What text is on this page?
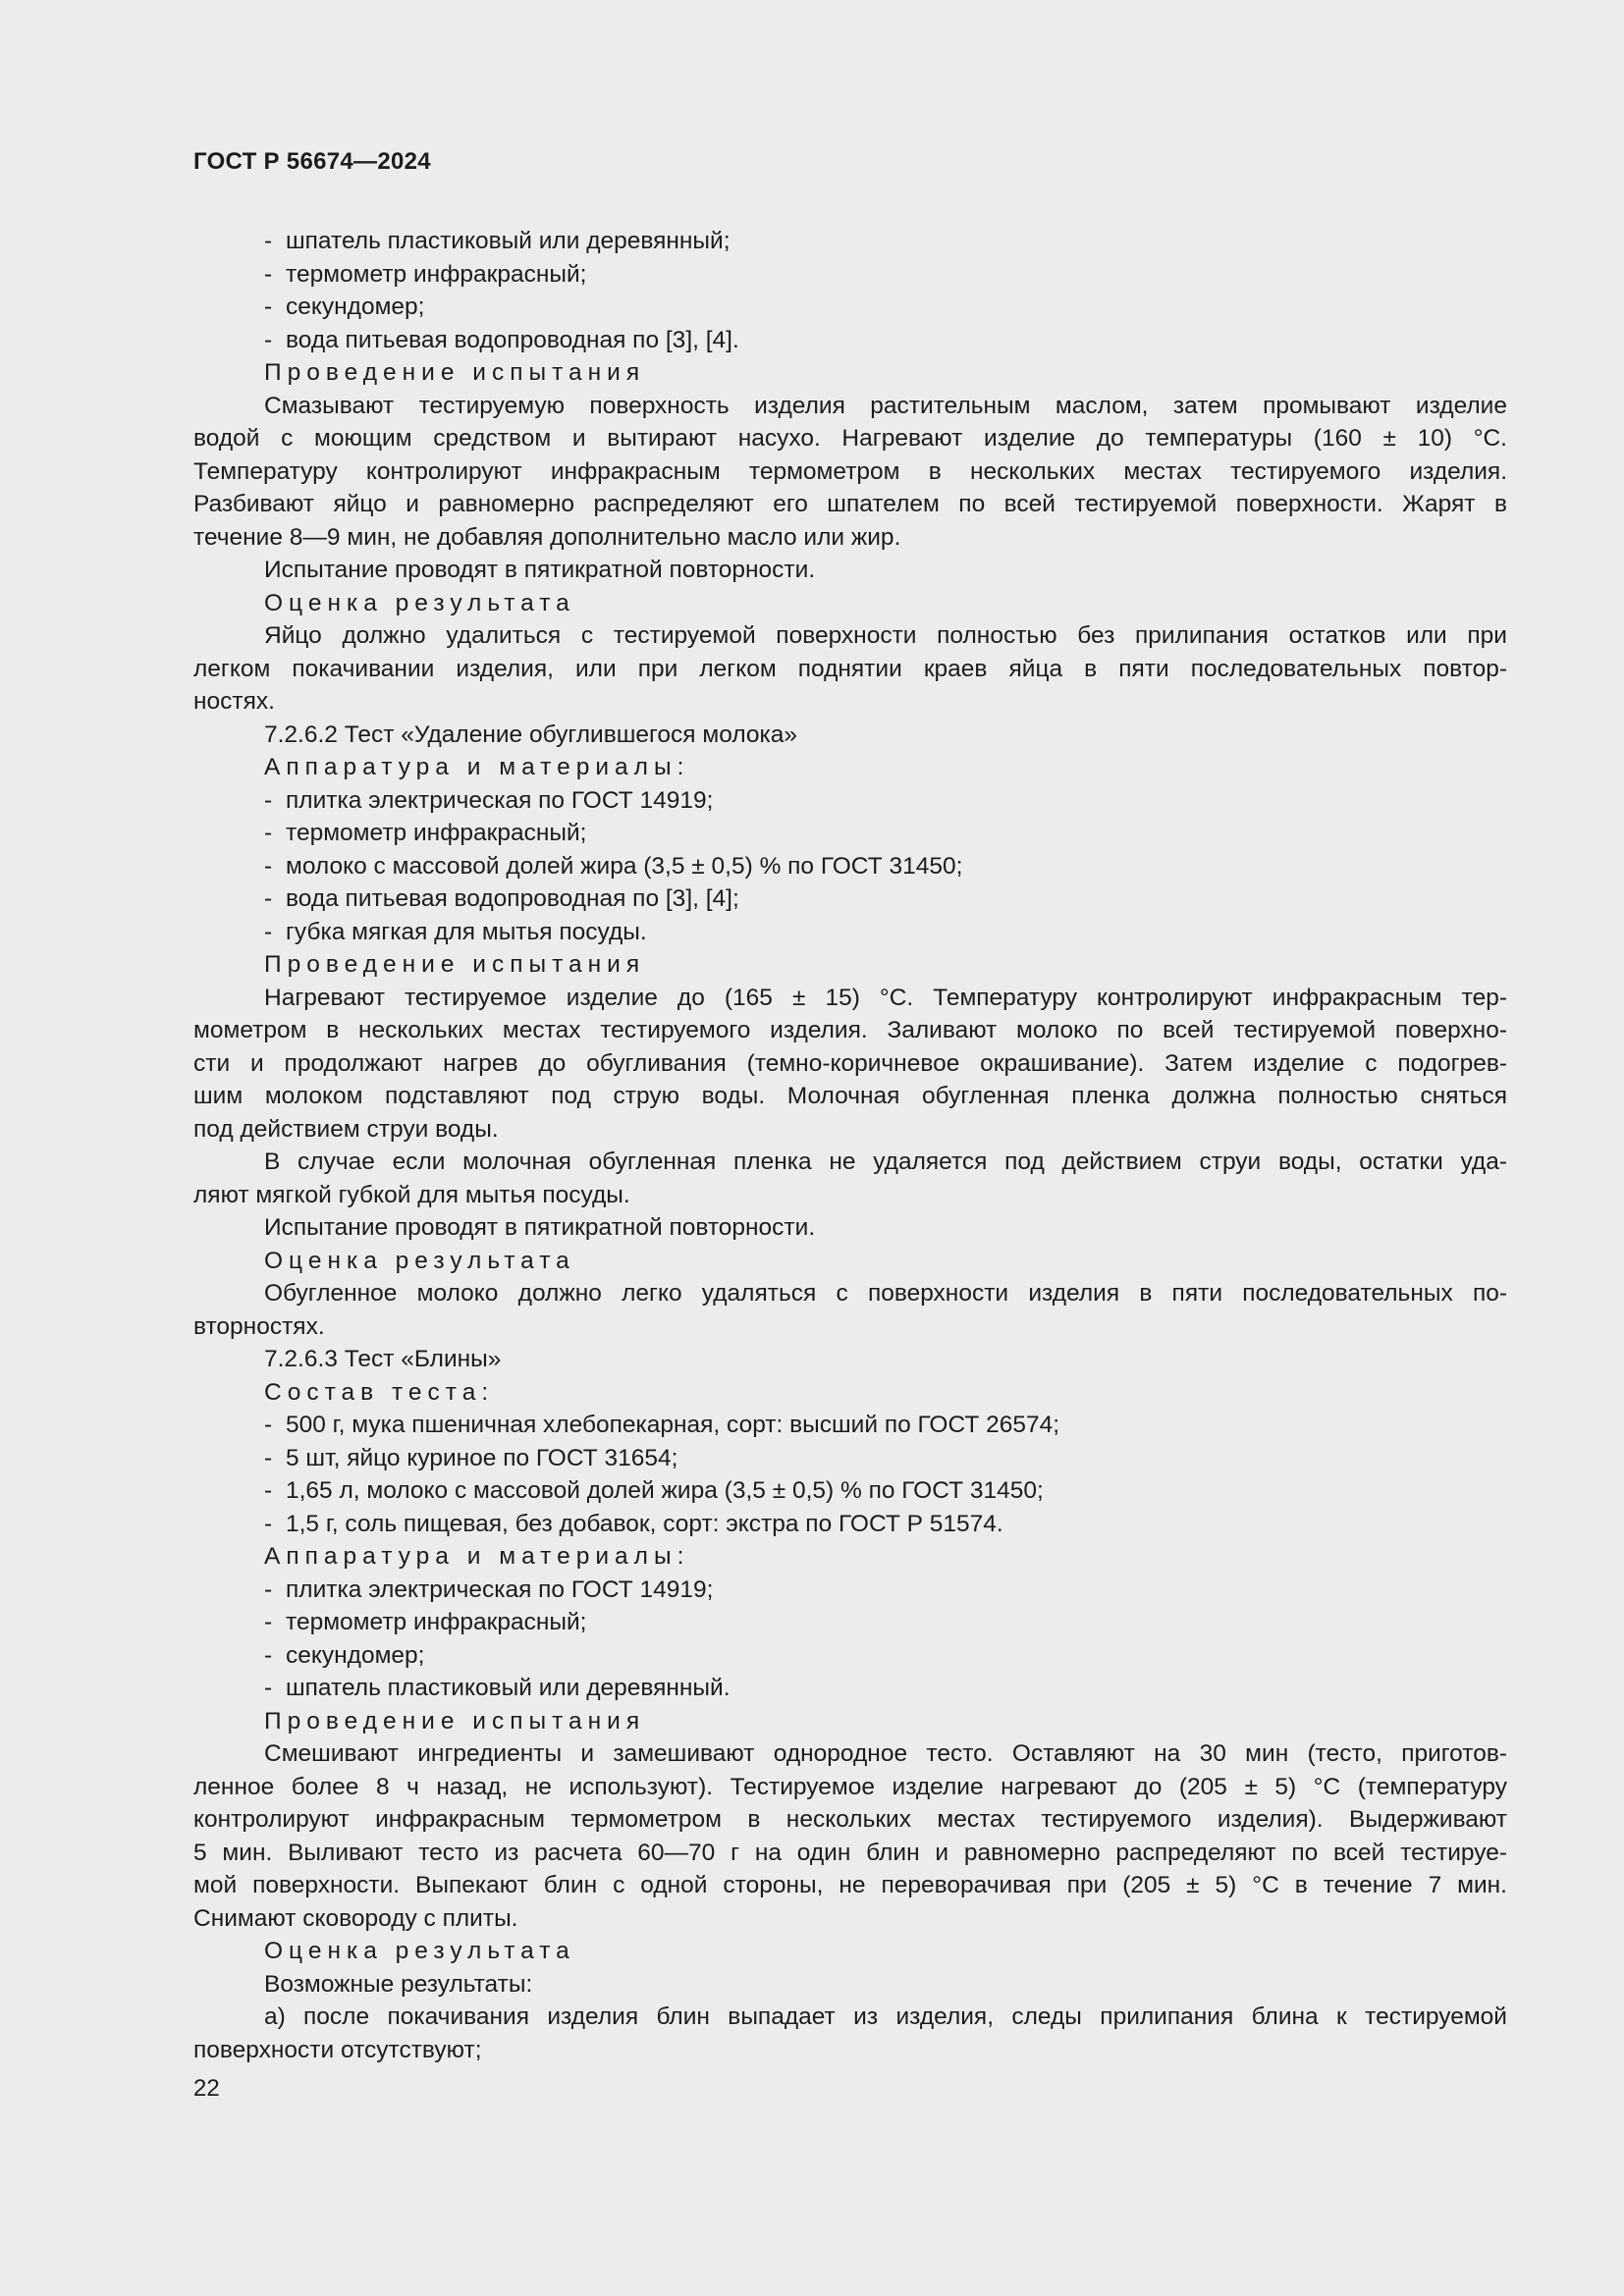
ГОСТ Р 56674—2024
- шпатель пластиковый или деревянный;
- термометр инфракрасный;
- секундомер;
- вода питьевая водопроводная по [3], [4].
Проведение испытания
Смазывают тестируемую поверхность изделия растительным маслом, затем промывают изделие
водой с моющим средством и вытирают насухо. Нагревают изделие до температуры (160 ± 10) °С.
Температуру контролируют инфракрасным термометром в нескольких местах тестируемого изделия.
Разбивают яйцо и равномерно распределяют его шпателем по всей тестируемой поверхности. Жарят в
течение 8—9 мин, не добавляя дополнительно масло или жир.
Испытание проводят в пятикратной повторности.
Оценка результата
Яйцо должно удалиться с тестируемой поверхности полностью без прилипания остатков или при
легком покачивании изделия, или при легком поднятии краев яйца в пяти последовательных повтор-
ностях.
7.2.6.2 Тест «Удаление обуглившегося молока»
Аппаратура и материалы:
- плитка электрическая по ГОСТ 14919;
- термометр инфракрасный;
- молоко с массовой долей жира (3,5 ± 0,5) % по ГОСТ 31450;
- вода питьевая водопроводная по [3], [4];
- губка мягкая для мытья посуды.
Проведение испытания
Нагревают тестируемое изделие до (165 ± 15) °С. Температуру контролируют инфракрасным тер-
мометром в нескольких местах тестируемого изделия. Заливают молоко по всей тестируемой поверхно-
сти и продолжают нагрев до обугливания (темно-коричневое окрашивание). Затем изделие с подогрев-
шим молоком подставляют под струю воды. Молочная обугленная пленка должна полностью сняться
под действием струи воды.
В случае если молочная обугленная пленка не удаляется под действием струи воды, остатки уда-
ляют мягкой губкой для мытья посуды.
Испытание проводят в пятикратной повторности.
Оценка результата
Обугленное молоко должно легко удаляться с поверхности изделия в пяти последовательных по-
вторностях.
7.2.6.3 Тест «Блины»
Состав теста:
- 500 г, мука пшеничная хлебопекарная, сорт: высший по ГОСТ 26574;
- 5 шт, яйцо куриное по ГОСТ 31654;
- 1,65 л, молоко с массовой долей жира (3,5 ± 0,5) % по ГОСТ 31450;
- 1,5 г, соль пищевая, без добавок, сорт: экстра по ГОСТ Р 51574.
Аппаратура и материалы:
- плитка электрическая по ГОСТ 14919;
- термометр инфракрасный;
- секундомер;
- шпатель пластиковый или деревянный.
Проведение испытания
Смешивают ингредиенты и замешивают однородное тесто. Оставляют на 30 мин (тесто, приготов-
ленное более 8 ч назад, не используют). Тестируемое изделие нагревают до (205 ± 5) °С (температуру
контролируют инфракрасным термометром в нескольких местах тестируемого изделия). Выдерживают
5 мин. Выливают тесто из расчета 60—70 г на один блин и равномерно распределяют по всей тестируе-
мой поверхности. Выпекают блин с одной стороны, не переворачивая при (205 ± 5) °С в течение 7 мин.
Снимают сковороду с плиты.
Оценка результата
Возможные результаты:
а) после покачивания изделия блин выпадает из изделия, следы прилипания блина к тестируемой
поверхности отсутствуют;
22
